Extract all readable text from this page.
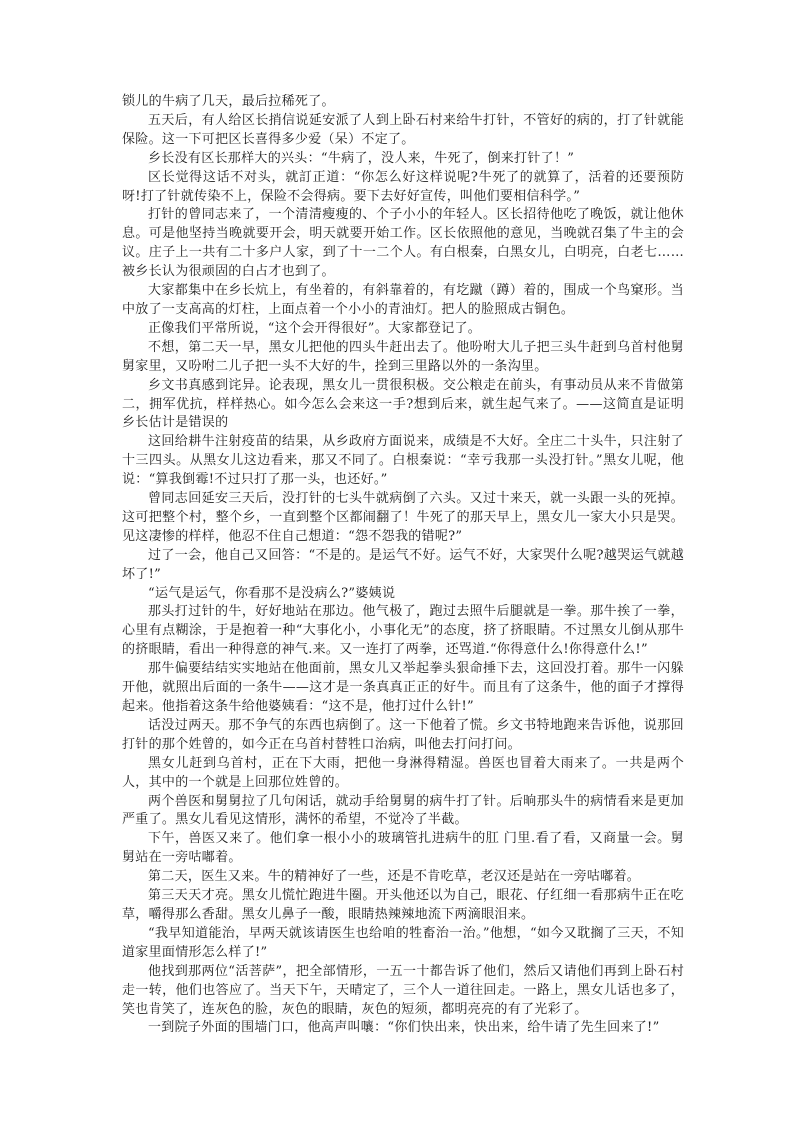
锁儿的牛病了几天，最后拉稀死了。

五天后，有人给区长捎信说延安派了人到上卧石村来给牛打针，不管好的病的，打了针就能保险。这一下可把区长喜得多少爱（呆）不定了。

乡长没有区长那样大的兴头：“牛病了，没人来，牛死了，倒来打针了！”

区长觉得这话不对头，就訂正道：“你怎么好这样说呢?牛死了的就算了，活着的还要预防呀!打了针就传染不上，保险不会得病。要下去好好宣传，叫他们要相信科学。”

打针的曾同志来了，一个清清瘦瘦的、个子小小的年轻人。区长招待他吃了晚饭，就让他休息。可是他坚持当晚就要开会，明天就要开始工作。区长依照他的意见，当晚就召集了牛主的会议。庄子上一共有二十多户人家，到了十一二个人。有白根秦，白黑女儿，白明亮，白老七……被乡长认为很顽固的白占才也到了。

大家都集中在乡长炕上，有坐着的，有斜靠着的，有圪蹴（蹲）着的，围成一个鸟窠形。当中放了一支高高的灯柱，上面点着一个小小的青油灯。把人的脸照成古铜色。

正像我们平常所说，“这个会开得很好”。大家都登记了。

不想，第二天一早，黑女儿把他的四头牛赶出去了。他吩咐大儿子把三头牛赶到乌首村他舅舅家里，又吩咐二儿子把一头不大好的牛，拴到三里路以外的一条沟里。

乡文书真感到诧异。论表现，黑女儿一贯很积极。交公粮走在前头，有事动员从来不肯做第二，拥军优抗，样样热心。如今怎么会来这一手?想到后来，就生起气来了。——这简直是证明乡长估计是错误的

这回给耕牛注射疫苗的结果，从乡政府方面说来，成绩是不大好。全庄二十头牛，只注射了十三四头。从黑女儿这边看来，那又不同了。白根秦说：“幸亏我那一头没打针。”黑女儿呢，他说：“算我倒霉!不过只打了那一头，也还好。”

曾同志回延安三天后，没打针的七头牛就病倒了六头。又过十来天，就一头跟一头的死掉。这可把整个村，整个乡，一直到整个区都闹翻了！牛死了的那天早上，黑女儿一家大小只是哭。见这凄惨的样样，他忍不住自己想道：“怨不怨我的错呢?”

过了一会，他自己又回答：“不是的。是运气不好。运气不好，大家哭什么呢?越哭运气就越坏了!”

“运气是运气，你看那不是没病么?”婆姨说

那头打过针的牛，好好地站在那边。他气极了，跑过去照牛后腿就是一拳。那牛挨了一拳，心里有点糊涂，于是抱着一种“大事化小，小事化无”的态度，挤了挤眼睛。不过黑女儿倒从那牛的挤眼睛，看出一种得意的神气.来。又一连打了两拳，还骂道.“你得意什么!你得意什么!”

那牛偏要结结实实地站在他面前，黑女儿又举起拳头狠命捶下去，这回没打着。那牛一闪躲开他，就照出后面的一条牛——这才是一条真真正正的好牛。而且有了这条牛，他的面子才撑得起来。他指着这条牛给他婆姨看：“这不是，他打过什么针!”

话没过两天。那不争气的东西也病倒了。这一下他着了慌。乡文书特地跑来告诉他，说那回打针的那个姓曾的，如今正在乌首村替牲口治病，叫他去打问打问。

黑女儿赶到乌首村，正在下大雨，把他一身淋得精湿。兽医也冒着大雨来了。一共是两个人，其中的一个就是上回那位姓曾的。

两个兽医和舅舅拉了几句闲话，就动手给舅舅的病牛打了针。后晌那头牛的病情看来是更加严重了。黑女儿看见这情形，满怀的希望，不觉冷了半截。

下午，兽医又来了。他们拿一根小小的玻璃管扎进病牛的肛 门里.看了看，又商量一会。舅舅站在一旁咕嘟着。

第二天，医生又来。牛的精神好了一些，还是不肯吃草，老汉还是站在一旁咕嘟着。

第三天天才亮。黑女儿慌忙跑进牛圈。开头他还以为自己，眼花、仔红细一看那病牛正在吃草，嚼得那么香甜。黑女儿鼻子一酸，眼睛热辣辣地流下两滴眼泪来。

“我早知道能治，早两天就该请医生也给咱的牲畜治一治。”他想，“如今又耽搁了三天，不知道家里面情形怎么样了!”

他找到那两位“活菩萨”，把全部情形，一五一十都告诉了他们，然后又请他们再到上卧石村走一转，他们也答应了。当天下午，天晴定了，三个人一道往回走。一路上，黑女儿话也多了，笑也肯笑了，连灰色的脸，灰色的眼睛，灰色的短须，都明亮亮的有了光彩了。

一到院子外面的围墙门口，他高声叫嚷：“你们快出来，快出来，给牛请了先生回来了!”
